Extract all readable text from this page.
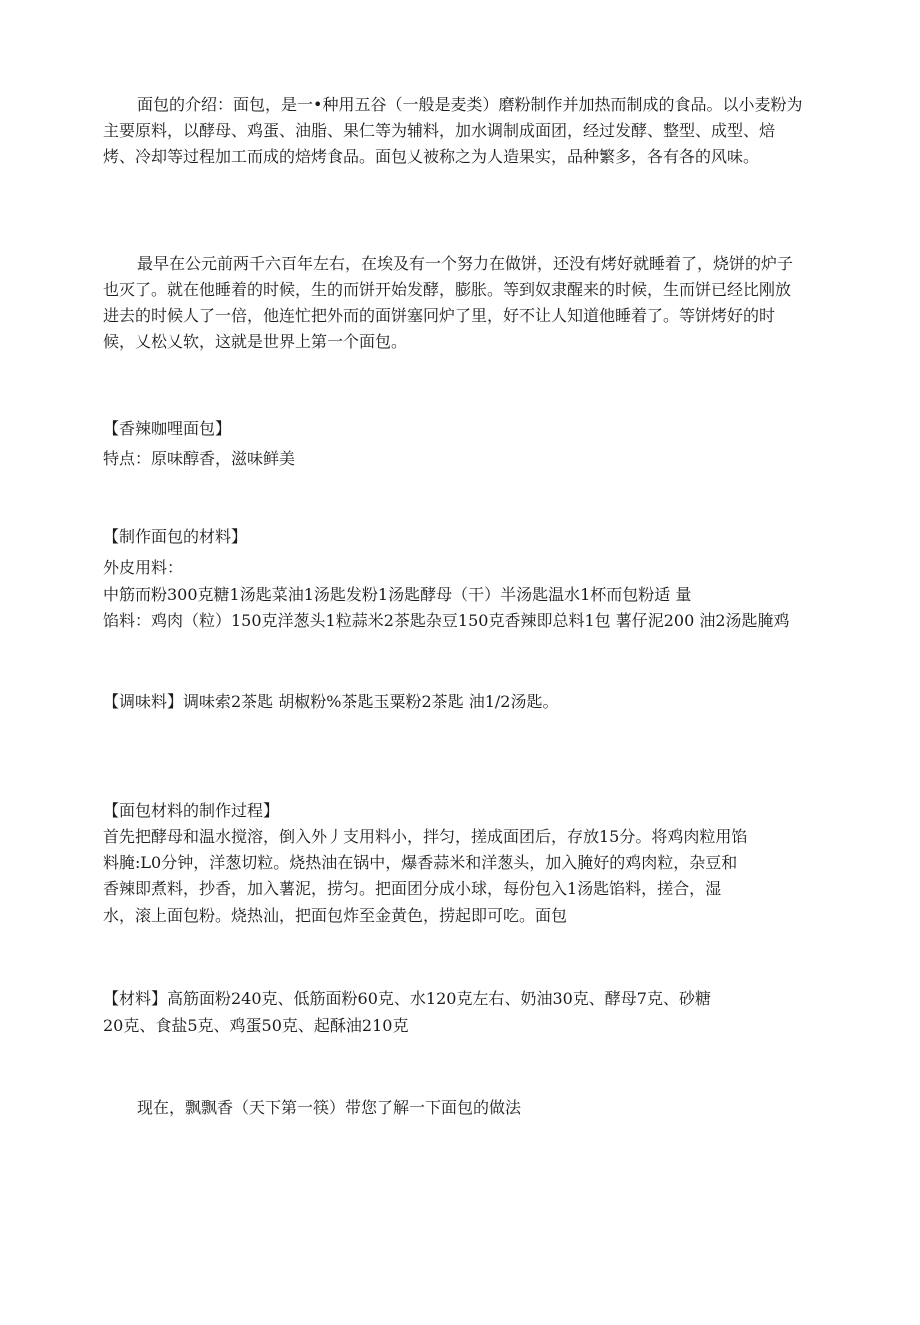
面包的介绍：面包，是一•种用五谷（一般是麦类）磨粉制作并加热而制成的食品。以小麦粉为主要原料，以酵母、鸡蛋、油脂、果仁等为辅料，加水调制成面团，经过发酵、整型、成型、焙烤、冷却等过程加工而成的焙烤食品。面包乂被称之为人造果实，品种繁多，各有各的风味。

最早在公元前两千六百年左右，在埃及有一个努力在做饼，还没有烤好就睡着了，烧饼的炉子也灭了。就在他睡着的时候，生的而饼开始发酵，膨胀。等到奴隶醒来的时候，生而饼已经比刚放进去的时候人了一倍，他连忙把外而的面饼塞冋炉了里，好不让人知道他睡着了。等饼烤好的时候，乂松乂软，这就是世界上第一个面包。

【香辣咖哩面包】
特点：原味醇香，滋味鲜美
【制作面包的材料】
外皮用料：
中筋而粉300克糖1汤匙菜油1汤匙发粉1汤匙酵母（干）半汤匙温水1杯而包粉适 量
馅料：鸡肉（粒）150克洋葱头1粒蒜米2茶匙杂豆150克香辣即总料1包 薯仔泥200 油2汤匙腌鸡
【调味料】调味索2茶匙 胡椒粉%茶匙玉粟粉2茶匙 油1/2汤匙。
【面包材料的制作过程】
首先把酵母和温水搅溶，倒入外丿支用料小，拌匀，搓成面团后，存放15分。将鸡肉粒用馅
料腌:L0分钟，洋葱切粒。烧热油在锅中，爆香蒜米和洋葱头，加入腌好的鸡肉粒，杂豆和
香辣即煮料，抄香，加入薯泥，捞匀。把面团分成小球，每份包入1汤匙馅料，搓合，湿
水，滚上面包粉。烧热汕，把面包炸至金黄色，捞起即可吃。面包
【材料】高筋面粉240克、低筋面粉60克、水120克左右、奶油30克、酵母7克、砂糖
20克、食盐5克、鸡蛋50克、起酥油210克

现在，飘飘香（天下第一筷）带您了解一下面包的做法
